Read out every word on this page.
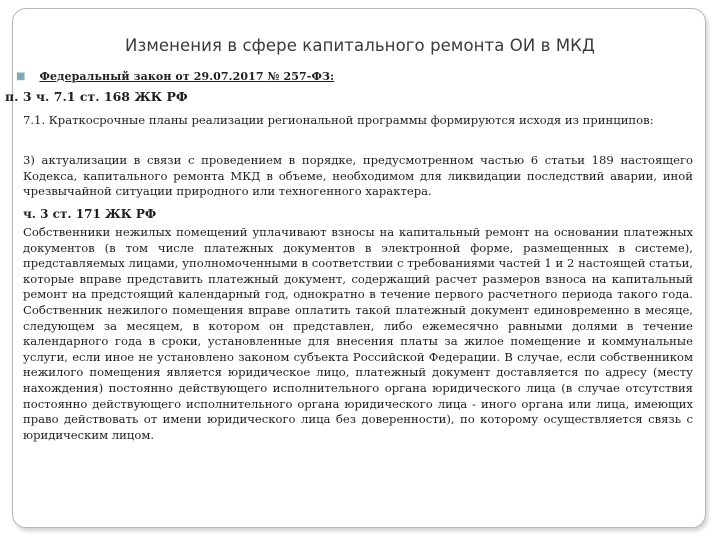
Изменения в сфере капитального ремонта ОИ в МКД
■ Федеральный закон от 29.07.2017 № 257-ФЗ:
п. 3 ч. 7.1 ст. 168 ЖК РФ
7.1. Краткосрочные планы реализации региональной программы формируются исходя из принципов:
3) актуализации в связи с проведением в порядке, предусмотренном частью 6 статьи 189 настоящего Кодекса, капитального ремонта МКД в объеме, необходимом для ликвидации последствий аварии, иной чрезвычайной ситуации природного или техногенного характера.
ч. 3 ст. 171 ЖК РФ
Собственники нежилых помещений уплачивают взносы на капитальный ремонт на основании платежных документов (в том числе платежных документов в электронной форме, размещенных в системе), представляемых лицами, уполномоченными в соответствии с требованиями частей 1 и 2 настоящей статьи, которые вправе представить платежный документ, содержащий расчет размеров взноса на капитальный ремонт на предстоящий календарный год, однократно в течение первого расчетного периода такого года. Собственник нежилого помещения вправе оплатить такой платежный документ единовременно в месяце, следующем за месяцем, в котором он представлен, либо ежемесячно равными долями в течение календарного года в сроки, установленные для внесения платы за жилое помещение и коммунальные услуги, если иное не установлено законом субъекта Российской Федерации. В случае, если собственником нежилого помещения является юридическое лицо, платежный документ доставляется по адресу (месту нахождения) постоянно действующего исполнительного органа юридического лица (в случае отсутствия постоянно действующего исполнительного органа юридического лица - иного органа или лица, имеющих право действовать от имени юридического лица без доверенности), по которому осуществляется связь с юридическим лицом.
